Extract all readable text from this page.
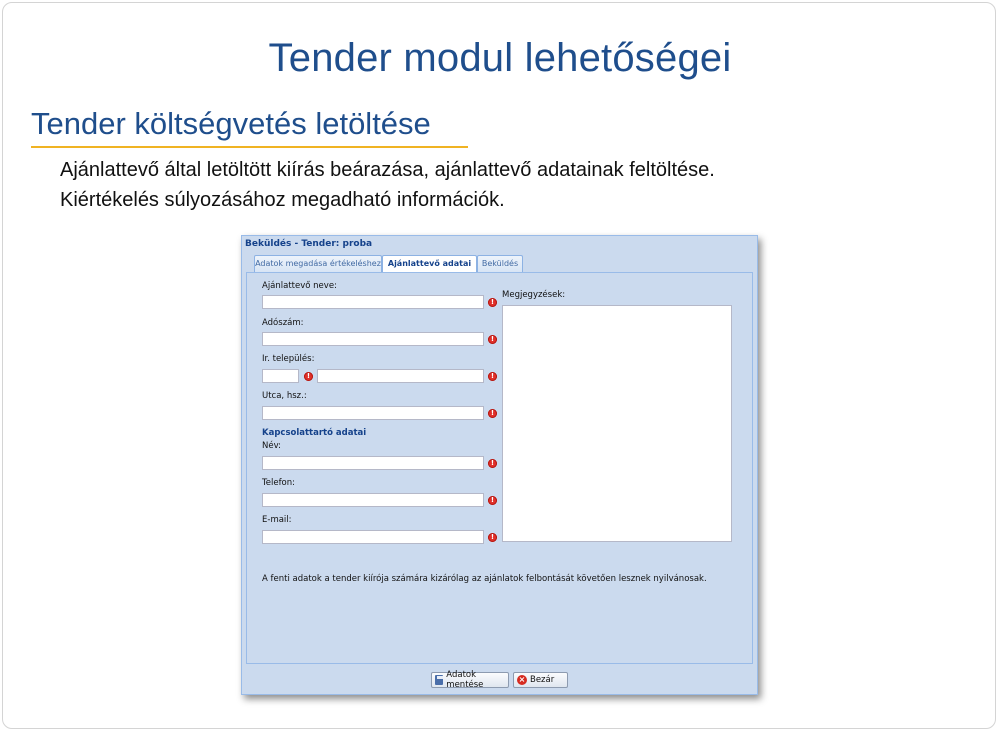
Tender modul lehetőségei
Tender költségvetés letöltése
Ajánlattevő által letöltött kiírás beárazása, ajánlattevő adatainak feltöltése.
Kiértékelés súlyozásához megadható információk.
Beküldés - Tender: proba
Adatok megadása értékeléshez Ajánlattevő adatai	Beküldés
Ajánlattevő neve:
!
Adószám:
!
Ir. település:
!	!
Utca, hsz.:
!
Kapcsolattartó adatai
Név:
!
Telefon:
!
E-mail:
!
Megjegyzések:
A fenti adatok a tender kiírója számára kizárólag az ajánlatok felbontását követően lesznek nyilvánosak.
Adatok mentése
× Bezár
